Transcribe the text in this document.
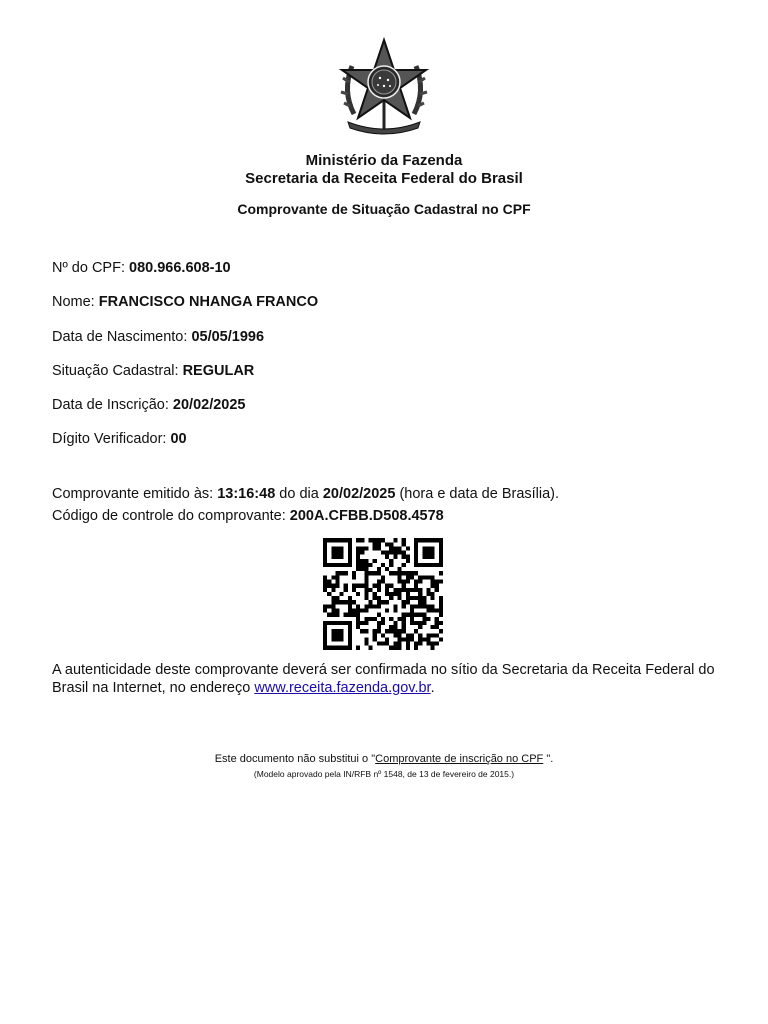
Ministério da Fazenda
Secretaria da Receita Federal do Brasil
Comprovante de Situação Cadastral no CPF
Nº do CPF: 080.966.608-10
Nome: FRANCISCO NHANGA FRANCO
Data de Nascimento: 05/05/1996
Situação Cadastral: REGULAR
Data de Inscrição: 20/02/2025
Dígito Verificador: 00
Comprovante emitido às: 13:16:48 do dia 20/02/2025 (hora e data de Brasília).
Código de controle do comprovante: 200A.CFBB.D508.4578
A autenticidade deste comprovante deverá ser confirmada no sítio da Secretaria da Receita Federal do Brasil na Internet, no endereço www.receita.fazenda.gov.br.
Este documento não substitui o "Comprovante de inscrição no CPF ".
(Modelo aprovado pela IN/RFB nº 1548, de 13 de fevereiro de 2015.)
